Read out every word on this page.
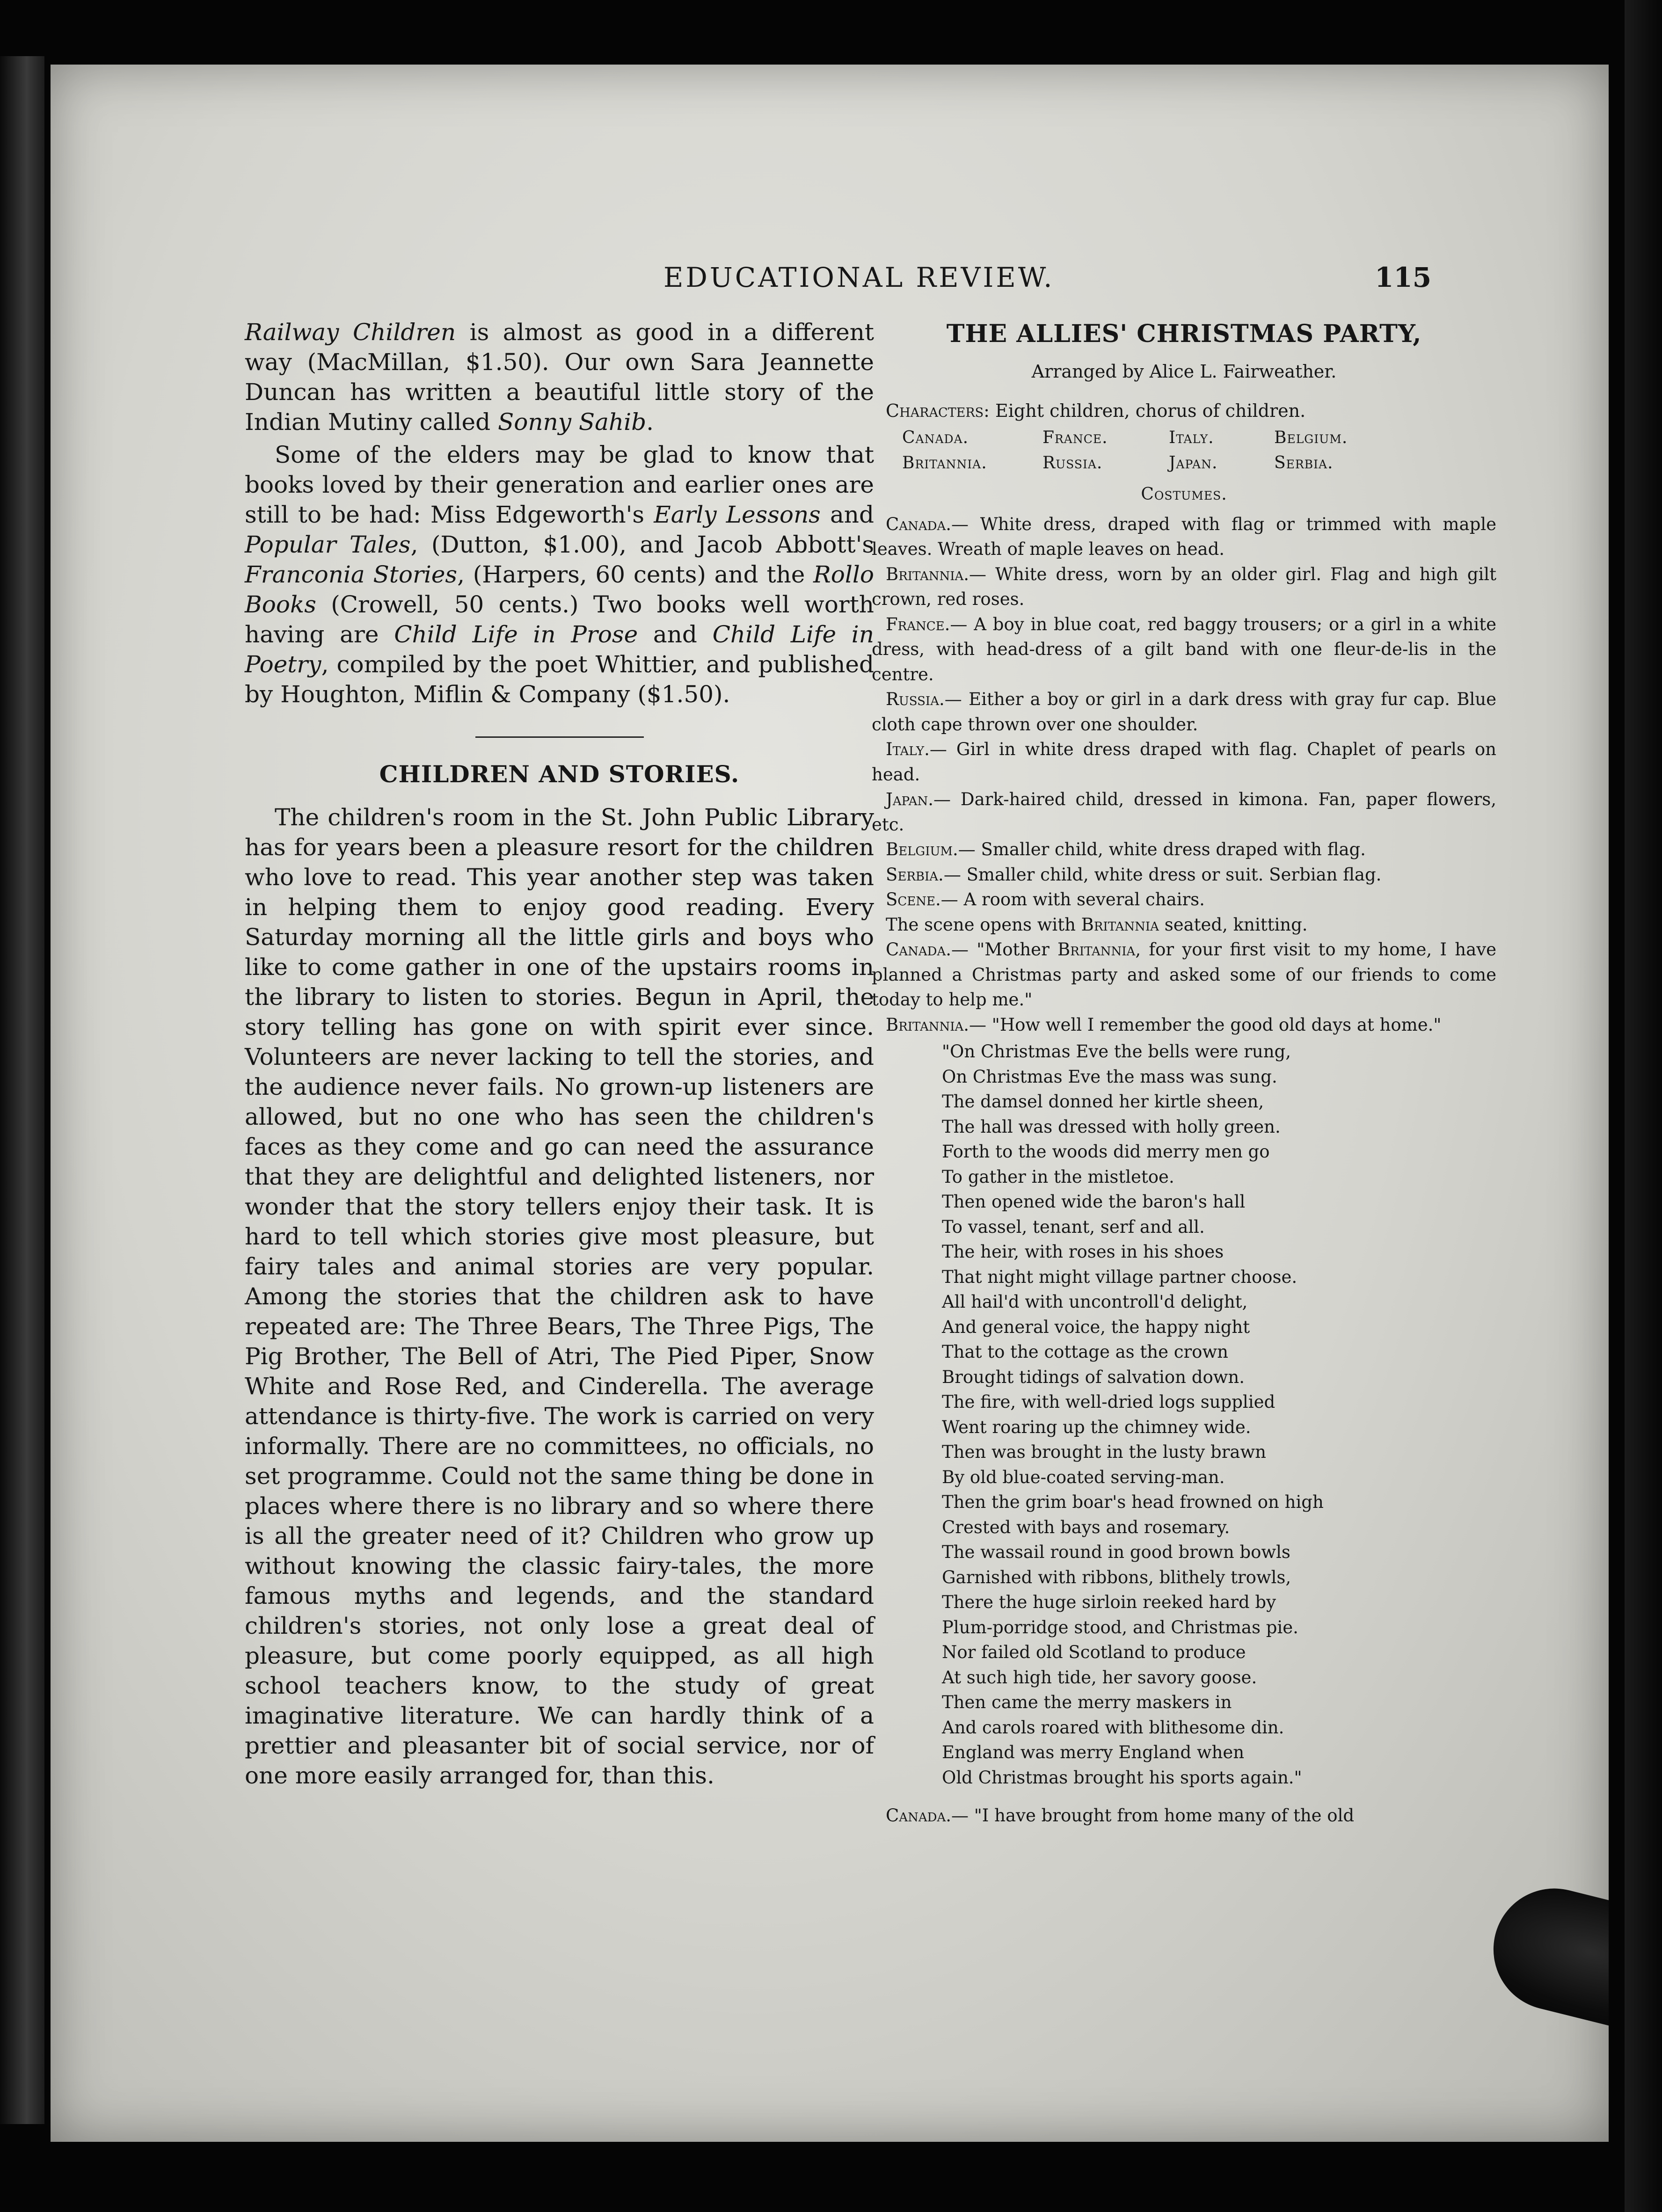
EDUCATIONAL REVIEW.	115

Railway Children is almost as good in a different way (MacMillan, $1.50). Our own Sara Jeannette Duncan has written a beautiful little story of the Indian Mutiny called Sonny Sahib.

Some of the elders may be glad to know that books loved by their generation and earlier ones are still to be had: Miss Edgeworth's Early Lessons and Popular Tales, (Dutton, $1.00), and Jacob Abbott's Franconia Stories, (Harpers, 60 cents) and the Rollo Books (Crowell, 50 cents.) Two books well worth having are Child Life in Prose and Child Life in Poetry, compiled by the poet Whittier, and published by Houghton, Miflin & Company ($1.50).

CHILDREN AND STORIES.

The children's room in the St. John Public Library has for years been a pleasure resort for the children who love to read. This year another step was taken in helping them to enjoy good reading. Every Saturday morning all the little girls and boys who like to come gather in one of the upstairs rooms in the library to listen to stories. Begun in April, the story telling has gone on with spirit ever since. Volunteers are never lacking to tell the stories, and the audience never fails. No grown-up listeners are allowed, but no one who has seen the children's faces as they come and go can need the assurance that they are delightful and delighted listeners, nor wonder that the story tellers enjoy their task. It is hard to tell which stories give most pleasure, but fairy tales and animal stories are very popular. Among the stories that the children ask to have repeated are: The Three Bears, The Three Pigs, The Pig Brother, The Bell of Atri, The Pied Piper, Snow White and Rose Red, and Cinderella. The average attendance is thirty-five. The work is carried on very informally. There are no committees, no officials, no set programme. Could not the same thing be done in places where there is no library and so where there is all the greater need of it? Children who grow up without knowing the classic fairy-tales, the more famous myths and legends, and the standard children's stories, not only lose a great deal of pleasure, but come poorly equipped, as all high school teachers know, to the study of great imaginative literature. We can hardly think of a prettier and pleasanter bit of social service, nor of one more easily arranged for, than this.

THE ALLIES' CHRISTMAS PARTY,
Arranged by Alice L. Fairweather.
Characters: Eight children, chorus of children.
Canada.	France.	Italy.	Belgium.
Britannia.	Russia.	Japan.	Serbia.
Costumes.

Canada.— White dress, draped with flag or trimmed with maple leaves. Wreath of maple leaves on head.

Britannia.— White dress, worn by an older girl. Flag and high gilt crown, red roses.

France.— A boy in blue coat, red baggy trousers; or a girl in a white dress, with head-dress of a gilt band with one fleur-de-lis in the centre.

Russia.— Either a boy or girl in a dark dress with gray fur cap. Blue cloth cape thrown over one shoulder.

Italy.— Girl in white dress draped with flag. Chaplet of pearls on head.

Japan.— Dark-haired child, dressed in kimona. Fan, paper flowers, etc.

Belgium.— Smaller child, white dress draped with flag.

Serbia.— Smaller child, white dress or suit. Serbian flag.

Scene.— A room with several chairs.

The scene opens with Britannia seated, knitting.

Canada.— "Mother Britannia, for your first visit to my home, I have planned a Christmas party and asked some of our friends to come today to help me."

Britannia.— "How well I remember the good old days at home."

"On Christmas Eve the bells were rung,
On Christmas Eve the mass was sung.
The damsel donned her kirtle sheen,
The hall was dressed with holly green.
Forth to the woods did merry men go
To gather in the mistletoe.
Then opened wide the baron's hall
To vassel, tenant, serf and all.
The heir, with roses in his shoes
That night might village partner choose.
All hail'd with uncontroll'd delight,
And general voice, the happy night
That to the cottage as the crown
Brought tidings of salvation down.
The fire, with well-dried logs supplied
Went roaring up the chimney wide.
Then was brought in the lusty brawn
By old blue-coated serving-man.
Then the grim boar's head frowned on high
Crested with bays and rosemary.
The wassail round in good brown bowls
Garnished with ribbons, blithely trowls,
There the huge sirloin reeked hard by
Plum-porridge stood, and Christmas pie.
Nor failed old Scotland to produce
At such high tide, her savory goose.
Then came the merry maskers in
And carols roared with blithesome din.
England was merry England when
Old Christmas brought his sports again."

Canada.— "I have brought from home many of the old
